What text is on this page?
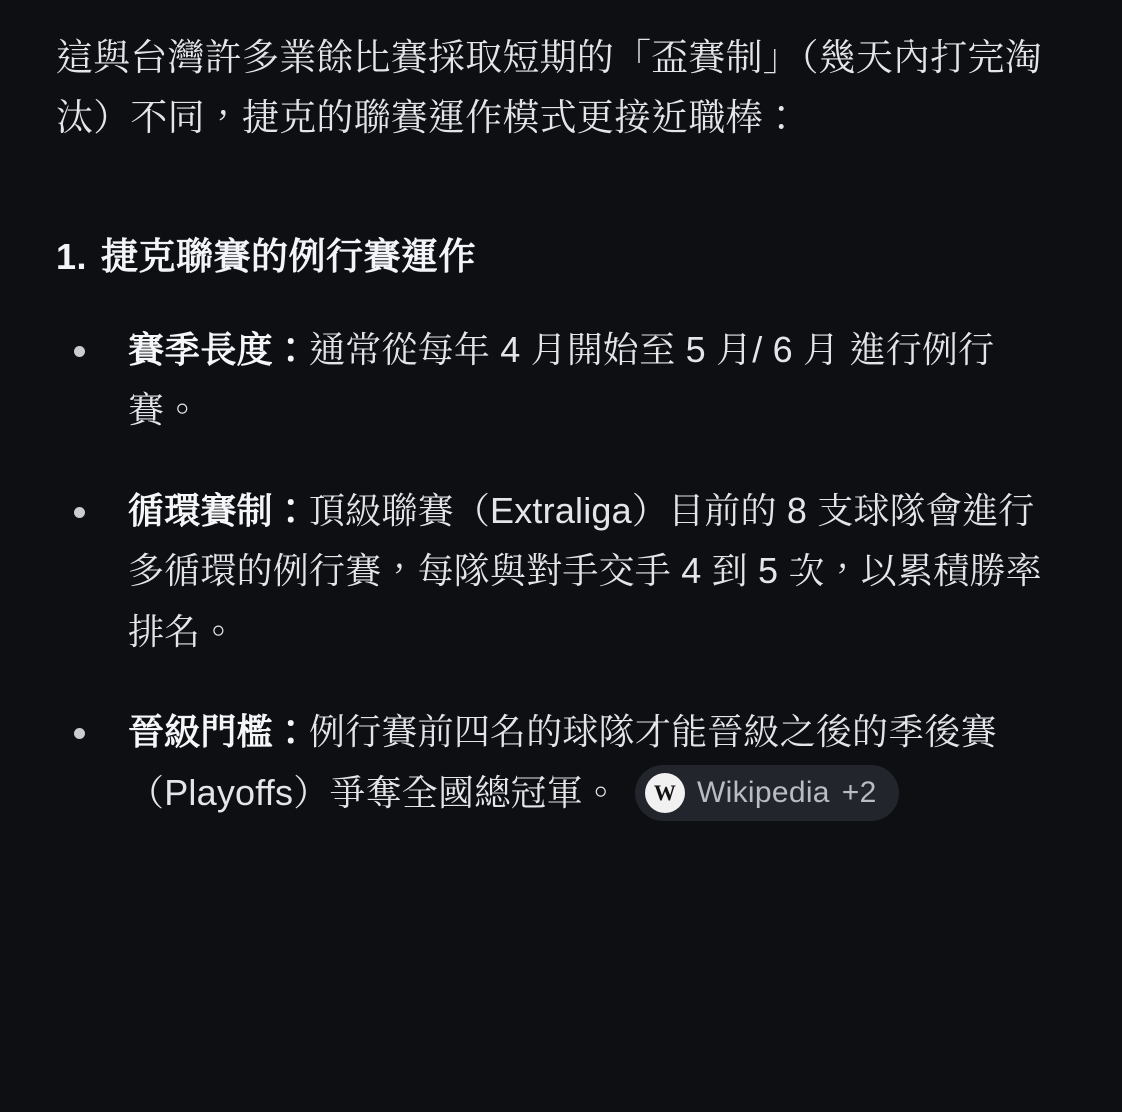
這與台灣許多業餘比賽採取短期的「盃賽制」（幾天內打完淘汰）不同，捷克的聯賽運作模式更接近職棒：

1. 捷克聯賽的例行賽運作
賽季長度：通常從每年 4 月開始至 5 月/ 6 月 進行例行賽。
循環賽制：頂級聯賽（Extraliga）目前的 8 支球隊會進行多循環的例行賽，每隊與對手交手 4 到 5 次，以累積勝率排名。
晉級門檻：例行賽前四名的球隊才能晉級之後的季後賽（Playoffs）爭奪全國總冠軍。	W Wikipedia +2
